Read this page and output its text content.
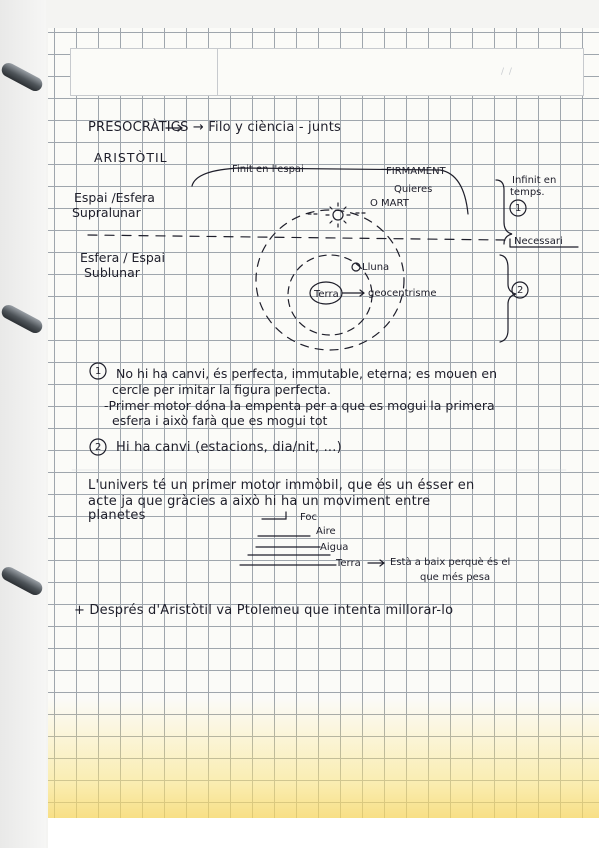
/ /
PRESOCRÀTICS → Filo y ciència - junts
ARISTÒTIL
Finit en l'espai	FIRMAMENT
Quieres
O MART
Infinit en
temps.
1
Necessari
Espai /Esfera
Supralunar
Esfera / Espai
Sublunar	Lluna
Terra	geocentrisme	2
1 No hi ha canvi, és perfecta, immutable, eterna; es mouen en
cercle per imitar la figura perfecta.
-Primer motor dóna la empenta per a que es mogui la primera
esfera i això farà que es mogui tot
2 Hi ha canvi (estacions, dia/nit, ...)
L'univers té un primer motor immòbil, que és un ésser en
acte ja que gràcies a això hi ha un moviment entre
planetes	Foc
Aire
Aigua
Terra	Està a baix perquè és el
que més pesa
+ Després d'Aristòtil va Ptolemeu que intenta millorar-lo
